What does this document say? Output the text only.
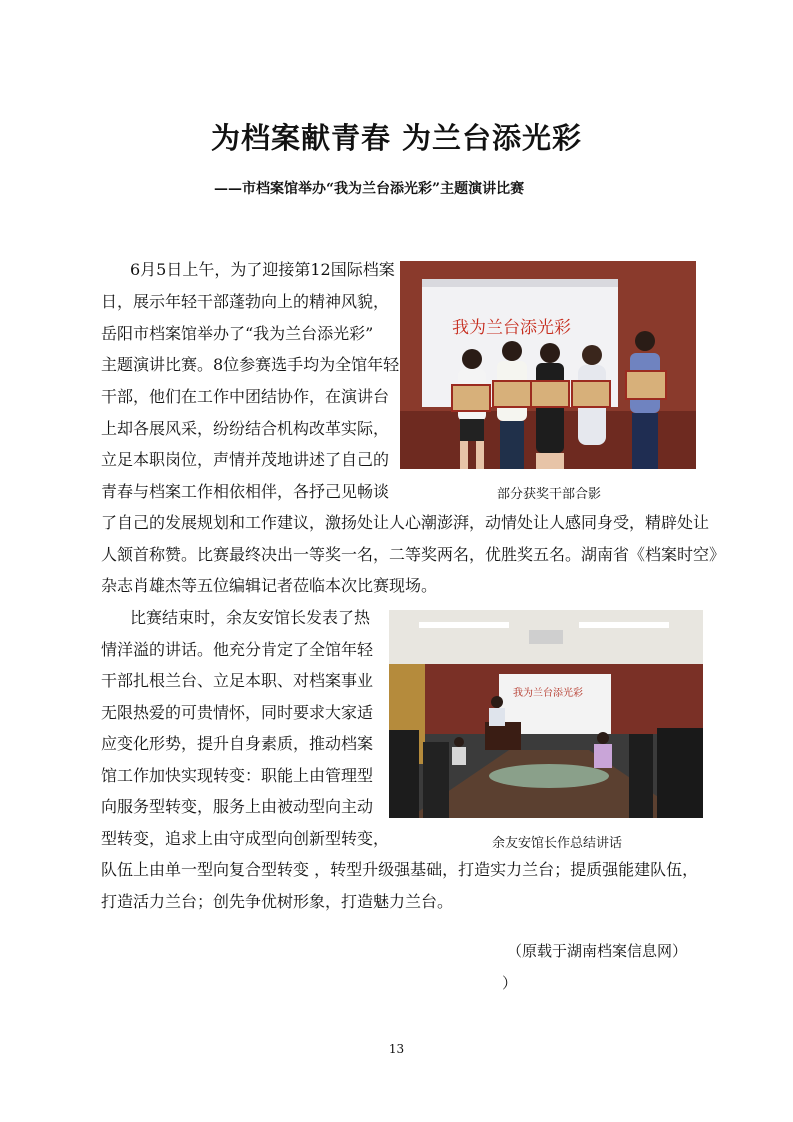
为档案献青春 为兰台添光彩
——市档案馆举办“我为兰台添光彩”主题演讲比赛
6月5日上午，为了迎接第12国际档案
日，展示年轻干部蓬勃向上的精神风貌，
岳阳市档案馆举办了“我为兰台添光彩”
主题演讲比赛。8位参赛选手均为全馆年轻
干部，他们在工作中团结协作，在演讲台
上却各展风采，纷纷结合机构改革实际，
立足本职岗位，声情并茂地讲述了自己的
青春与档案工作相依相伴，各抒己见畅谈
了自己的发展规划和工作建议，激扬处让人心潮澎湃，动情处让人感同身受，精辟处让
人颔首称赞。比赛最终决出一等奖一名，二等奖两名，优胜奖五名。湖南省《档案时空》
杂志肖雄杰等五位编辑记者莅临本次比赛现场。
我为兰台添光彩
部分获奖干部合影
比赛结束时，余友安馆长发表了热
情洋溢的讲话。他充分肯定了全馆年轻
干部扎根兰台、立足本职、对档案事业
无限热爱的可贵情怀，同时要求大家适
应变化形势，提升自身素质，推动档案
馆工作加快实现转变：职能上由管理型
向服务型转变，服务上由被动型向主动
型转变，追求上由守成型向创新型转变，
队伍上由单一型向复合型转变 ，转型升级强基础，打造实力兰台；提质强能建队伍，
打造活力兰台；创先争优树形象，打造魅力兰台。
我为兰台添光彩
余友安馆长作总结讲话
（原载于湖南档案信息网）
）
13
